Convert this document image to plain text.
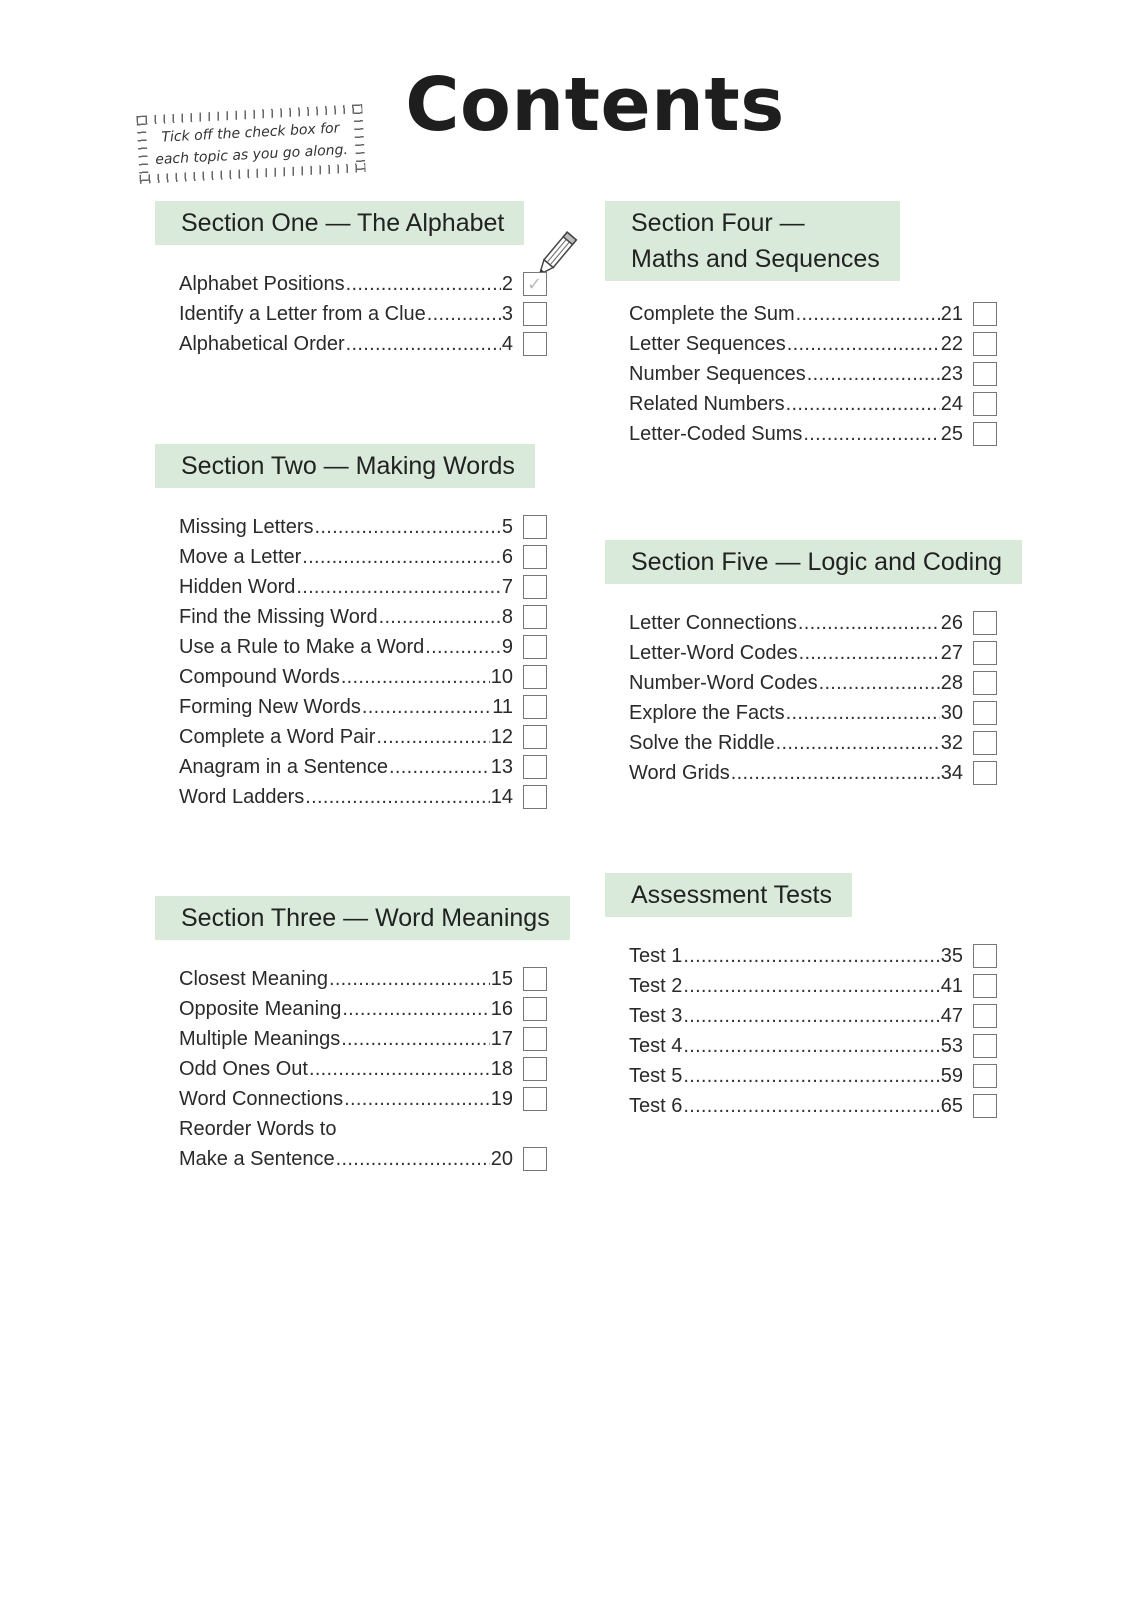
Contents
Tick off the check box for each topic as you go along.
Section One — The Alphabet
Alphabet Positions .....	2 ✓
Identify a Letter from a Clue .....	3
Alphabetical Order .....	4
Section Two — Making Words
Missing Letters .....	5
Move a Letter .....	6
Hidden Word .....	7
Find the Missing Word .....	8
Use a Rule to Make a Word .....	9
Compound Words .....	10
Forming New Words .....	11
Complete a Word Pair .....	12
Anagram in a Sentence .....	13
Word Ladders .....	14
Section Three — Word Meanings
Closest Meaning .....	15
Opposite Meaning .....	16
Multiple Meanings .....	17
Odd Ones Out .....	18
Word Connections .....	19
Reorder Words to
Make a Sentence .....	20
Section Four —
Maths and Sequences
Complete the Sum .....	21
Letter Sequences .....	22
Number Sequences .....	23
Related Numbers .....	24
Letter-Coded Sums .....	25
Section Five — Logic and Coding
Letter Connections .....	26
Letter-Word Codes .....	27
Number-Word Codes .....	28
Explore the Facts .....	30
Solve the Riddle .....	32
Word Grids .....	34
Assessment Tests
Test 1 .....	35
Test 2 .....	41
Test 3 .....	47
Test 4 .....	53
Test 5 .....	59
Test 6 .....	65
